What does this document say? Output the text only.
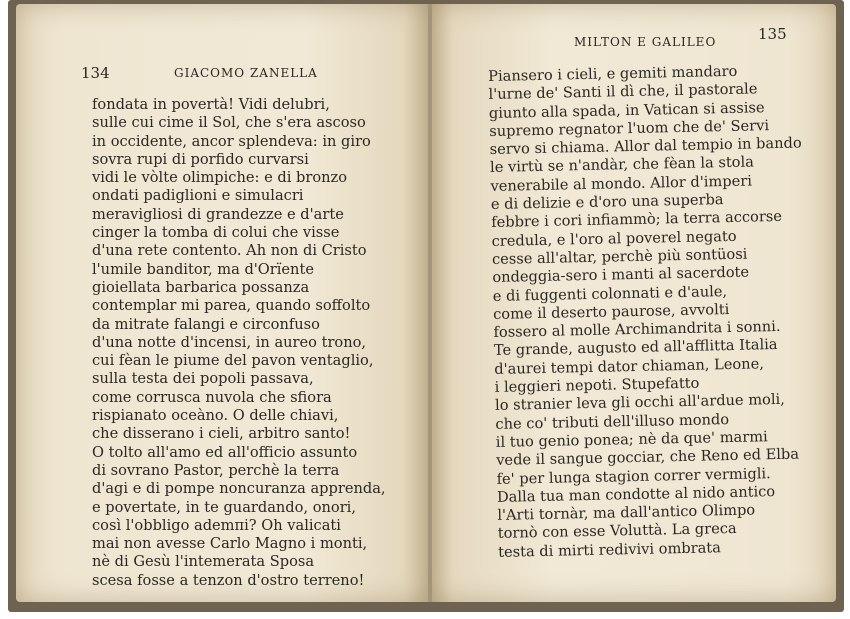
134	GIACOMO ZANELLA
fondata in povertà! Vidi delubri,
sulle cui cime il Sol, che s'era ascoso
in occidente, ancor splendeva: in giro
sovra rupi di porfido curvarsi
vidi le vòlte olimpiche: e di bronzo
ondati padiglioni e simulacri
meravigliosi di grandezze e d'arte
cinger la tomba di colui che visse
d'una rete contento. Ah non di Cristo
l'umile banditor, ma d'Orïente
gioiellata barbarica possanza
contemplar mi parea, quando soffolto
da mitrate falangi e circonfuso
d'una notte d'incensi, in aureo trono,
cui fèan le piume del pavon ventaglio,
sulla testa dei popoli passava,
come corrusca nuvola che sfiora
rispianato oceàno. O delle chiavi,
che disserano i cieli, arbitro santo!
O tolto all'amo ed all'officio assunto
di sovrano Pastor, perchè la terra
d'agi e di pompe noncuranza apprenda,
e povertate, in te guardando, onori,
così l'obbligo ademπi? Oh valicati
mai non avesse Carlo Magno i monti,
nè di Gesù l'intemerata Sposa
scesa fosse a tenzon d'ostro terreno!
MILTON E GALILEO	135
Piansero i cieli, e gemiti mandaro
l'urne de' Santi il dì che, il pastorale
giunto alla spada, in Vatican si assise
supremo regnator l'uom che de' Servi
servo si chiama. Allor dal tempio in bando
le virtù se n'andàr, che fèan la stola
venerabile al mondo. Allor d'imperi
e di delizie e d'oro una superba
febbre i cori infiammò; la terra accorse
credula, e l'oro al poverel negato
cesse all'altar, perchè più sontüosi
ondeggia-sero i manti al sacerdote
e di fuggenti colonnati e d'aule,
come il deserto paurose, avvolti
fossero al molle Archimandrita i sonni.
Te grande, augusto ed all'afflitta Italia
d'aurei tempi dator chiaman, Leone,
i leggieri nepoti. Stupefatto
lo stranier leva gli occhi all'ardue moli,
che co' tributi dell'illuso mondo
il tuo genio ponea; nè da que' marmi
vede il sangue gocciar, che Reno ed Elba
fe' per lunga stagion correr vermigli.
Dalla tua man condotte al nido antico
l'Arti tornàr, ma dall'antico Olimpo
tornò con esse Voluttà. La greca
testa di mirti redivivi ombrata
